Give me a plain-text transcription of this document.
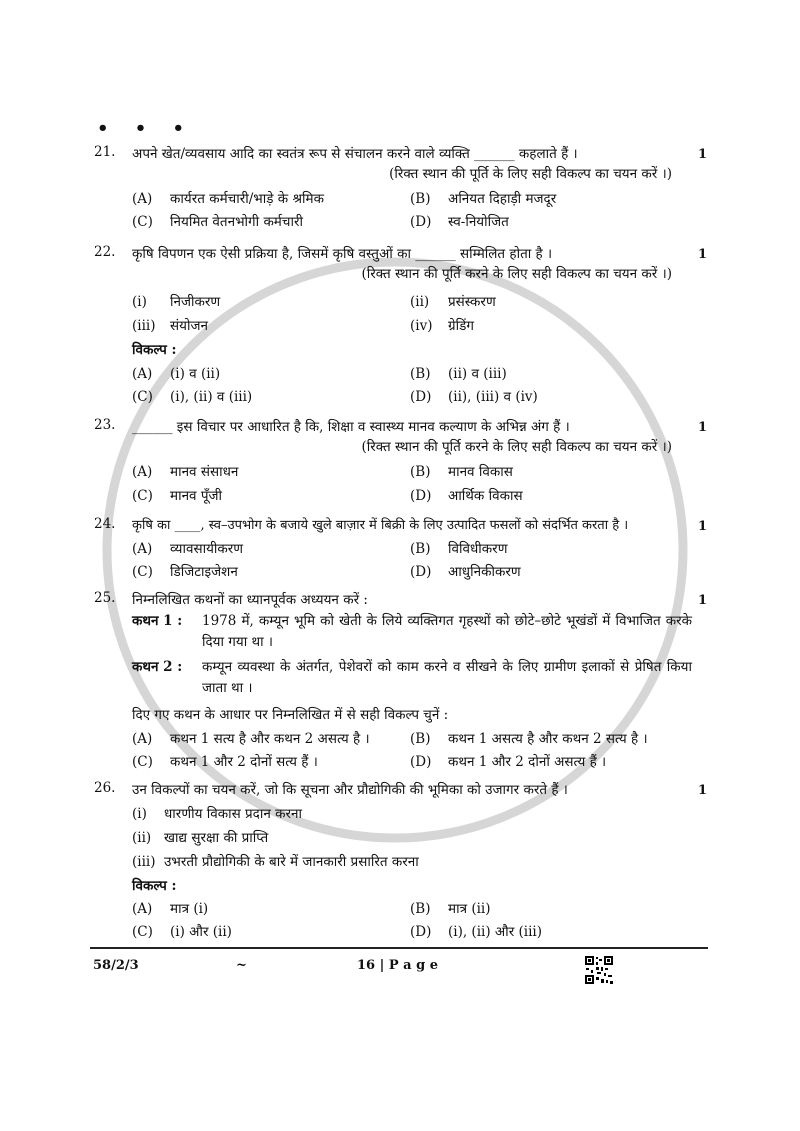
• • •
21. अपने खेत/व्यवसाय आदि का स्वतंत्र रूप से संचालन करने वाले व्यक्ति ______ कहलाते हैं ।	1
(रिक्त स्थान की पूर्ति के लिए सही विकल्प का चयन करें ।)
(A) कार्यरत कर्मचारी/भाड़े के श्रमिक	(B) अनियत दिहाड़ी मजदूर
(C) नियमित वेतनभोगी कर्मचारी	(D) स्व-नियोजित
22. कृषि विपणन एक ऐसी प्रक्रिया है, जिसमें कृषि वस्तुओं का ______ सम्मिलित होता है ।	1
(रिक्त स्थान की पूर्ति करने के लिए सही विकल्प का चयन करें ।)
(i) निजीकरण	(ii) प्रसंस्करण
(iii) संयोजन	(iv) ग्रेडिंग
विकल्प :
(A) (i) व (ii)	(B) (ii) व (iii)
(C) (i), (ii) व (iii)	(D) (ii), (iii) व (iv)
23. ______ इस विचार पर आधारित है कि, शिक्षा व स्वास्थ्य मानव कल्याण के अभिन्न अंग हैं ।	1
(रिक्त स्थान की पूर्ति करने के लिए सही विकल्प का चयन करें ।)
(A) मानव संसाधन	(B) मानव विकास
(C) मानव पूँजी	(D) आर्थिक विकास
24. कृषि का ____, स्व–उपभोग के बजाये खुले बाज़ार में बिक्री के लिए उत्पादित फसलों को संदर्भित करता है ।	1
(A) व्यावसायीकरण	(B) विविधीकरण
(C) डिजिटाइजेशन	(D) आधुनिकीकरण
25. निम्नलिखित कथनों का ध्यानपूर्वक अध्ययन करें :	1
कथन 1 : 1978 में, कम्यून भूमि को खेती के लिये व्यक्तिगत गृहस्थों को छोटे–छोटे भूखंडों में विभाजित करके दिया गया था ।
कथन 2 : कम्यून व्यवस्था के अंतर्गत, पेशेवरों को काम करने व सीखने के लिए ग्रामीण इलाकों से प्रेषित किया जाता था ।
दिए गए कथन के आधार पर निम्नलिखित में से सही विकल्प चुनें :
(A) कथन 1 सत्य है और कथन 2 असत्य है ।	(B) कथन 1 असत्य है और कथन 2 सत्य है ।
(C) कथन 1 और 2 दोनों सत्य हैं ।	(D) कथन 1 और 2 दोनों असत्य हैं ।
26. उन विकल्पों का चयन करें, जो कि सूचना और प्रौद्योगिकी की भूमिका को उजागर करते हैं ।	1
(i) धारणीय विकास प्रदान करना
(ii) खाद्य सुरक्षा की प्राप्ति
(iii) उभरती प्रौद्योगिकी के बारे में जानकारी प्रसारित करना
विकल्प :
(A) मात्र (i)	(B) मात्र (ii)
(C) (i) और (ii)	(D) (i), (ii) और (iii)
58/2/3	~	16 | P a g e
